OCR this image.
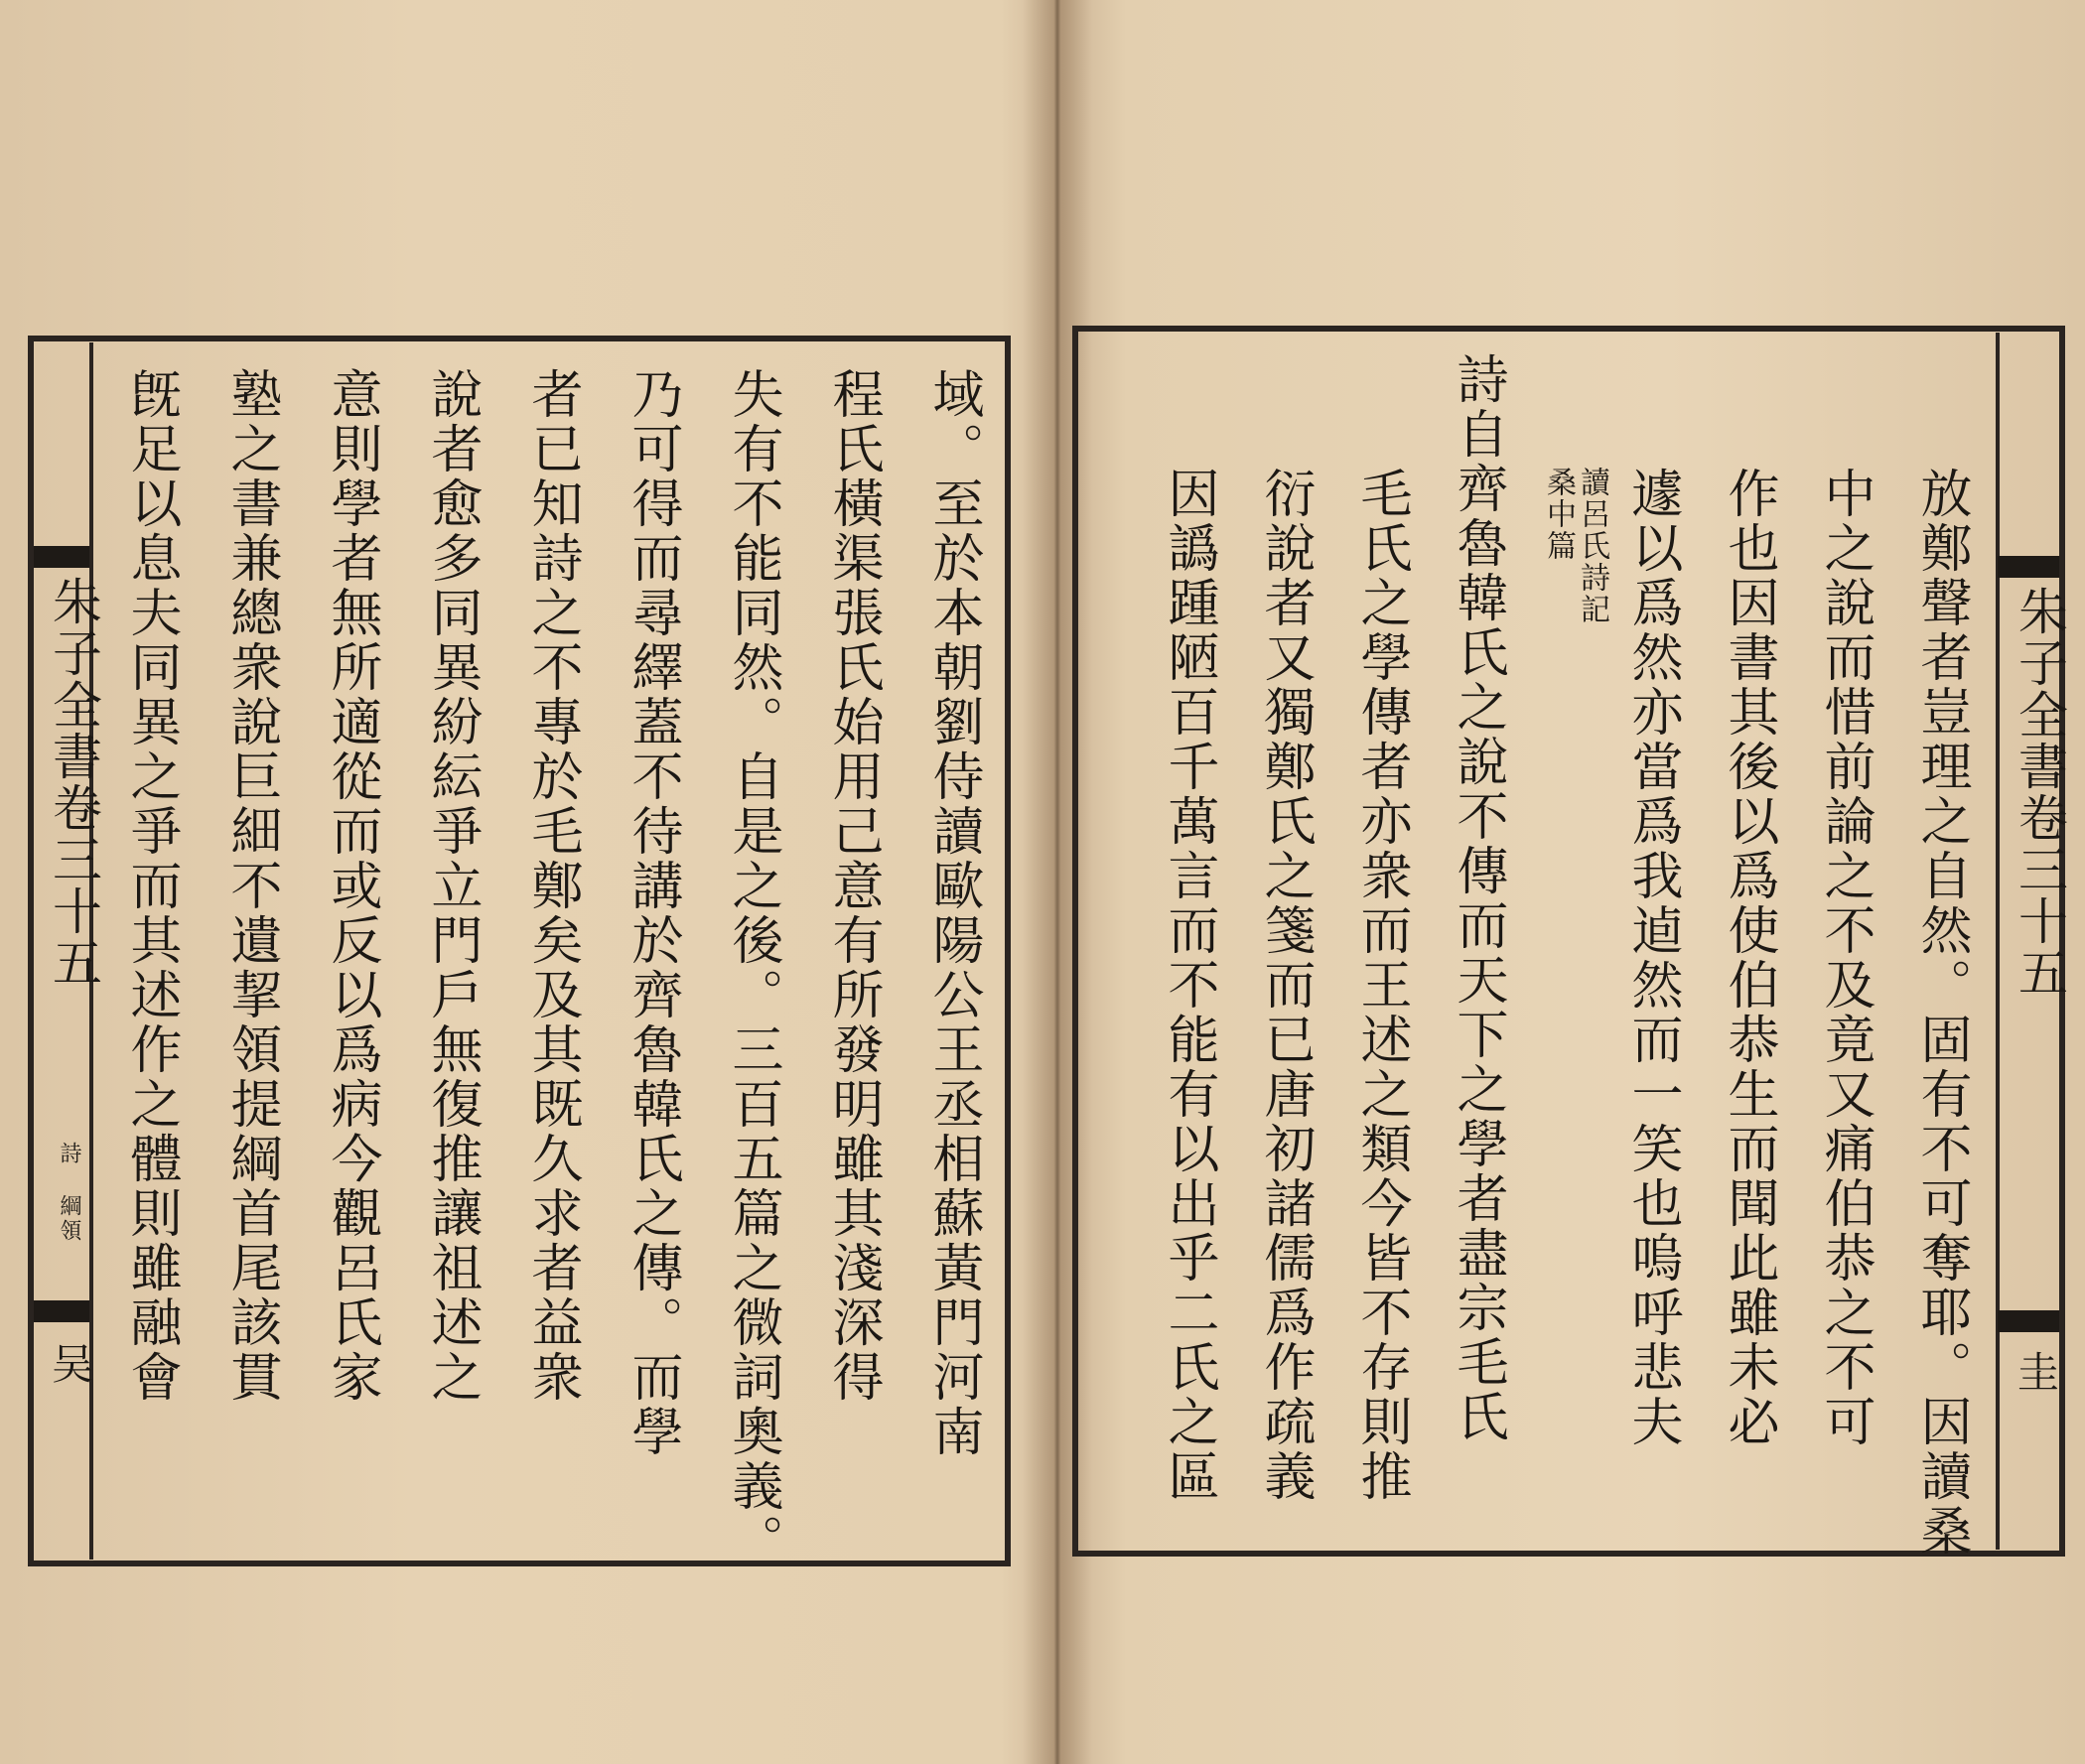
朱子全書卷三十五
詩 綱領
吴	域。至於本朝劉侍讀歐陽公王丞相蘇黃門河南
程氏橫渠張氏始用己意有所發明雖其淺深得
失有不能同然。自是之後。三百五篇之微詞奧義。
乃可得而尋繹蓋不待講於齊魯韓氏之傳。而學
者已知詩之不專於毛鄭矣及其既久求者益衆
說者愈多同異紛紜爭立門戶無復推讓祖述之
意則學者無所適從而或反以爲病今觀呂氏家
塾之書兼總衆說巨細不遺挈領提綱首尾該貫
旣足以息夫同異之爭而其述作之體則雖融會	朱子全書卷三十五
圭
放鄭聲者豈理之自然。固有不可奪耶。因讀桑
中之說而惜前論之不及竟又痛伯恭之不可
作也因書其後以爲使伯恭生而聞此雖未必
遽以爲然亦當爲我逌然而一笑也嗚呼悲夫
讀呂氏詩記桑中篇
詩自齊魯韓氏之說不傳而天下之學者盡宗毛氏
毛氏之學傳者亦衆而王述之類今皆不存則推
衍說者又獨鄭氏之箋而已唐初諸儒爲作疏義
因譌踵陋百千萬言而不能有以出乎二氏之區
